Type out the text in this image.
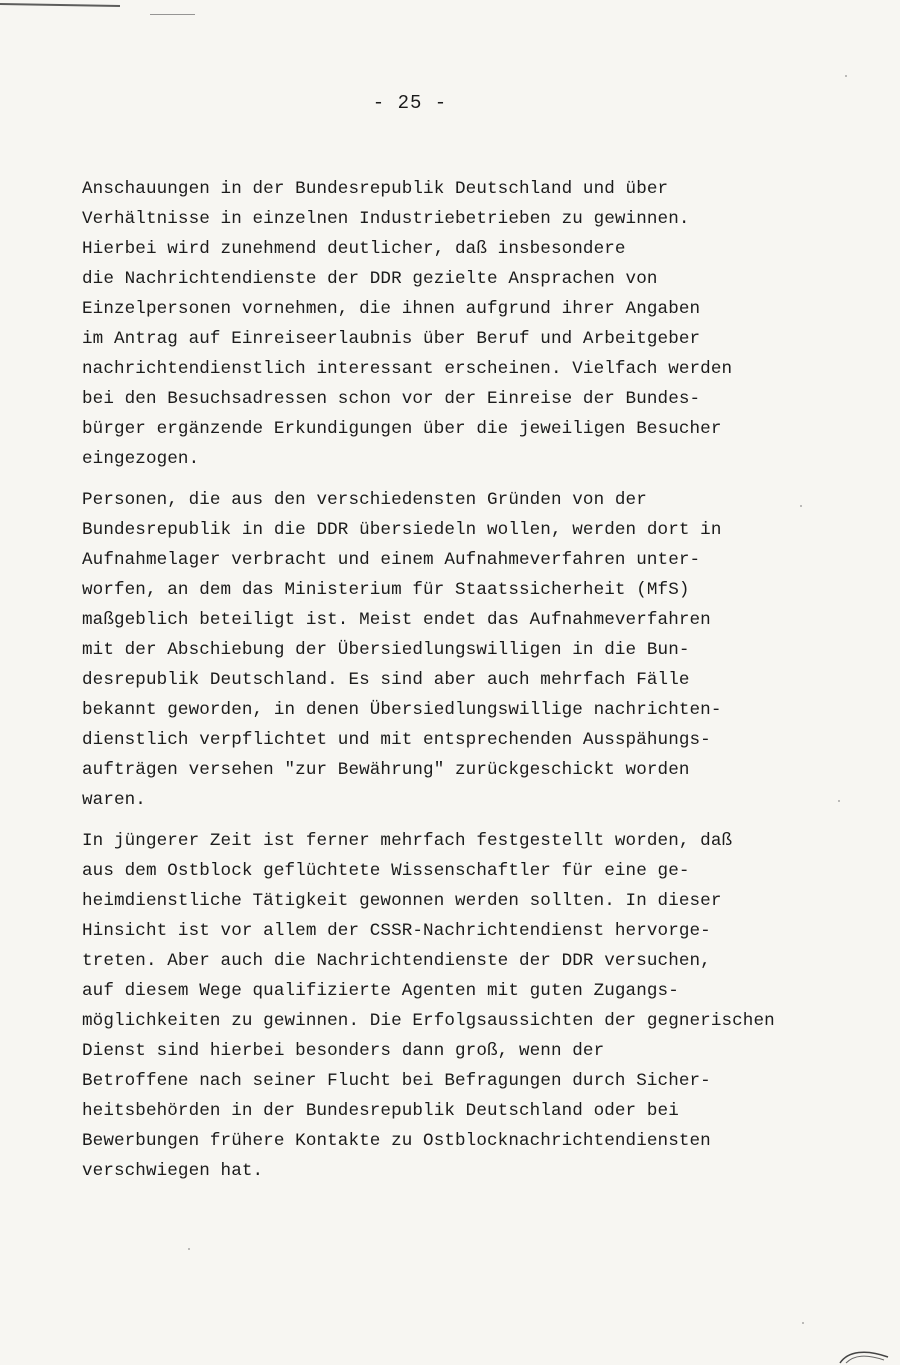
- 25 -
Anschauungen in der Bundesrepublik Deutschland und über
Verhältnisse in einzelnen Industriebetrieben zu gewinnen.
Hierbei wird zunehmend deutlicher, daß insbesondere
die Nachrichtendienste der DDR gezielte Ansprachen von
Einzelpersonen vornehmen, die ihnen aufgrund ihrer Angaben
im Antrag auf Einreiseerlaubnis über Beruf und Arbeitgeber
nachrichtendienstlich interessant erscheinen. Vielfach werden
bei den Besuchsadressen schon vor der Einreise der Bundes-
bürger ergänzende Erkundigungen über die jeweiligen Besucher
eingezogen.
Personen, die aus den verschiedensten Gründen von der
Bundesrepublik in die DDR übersiedeln wollen, werden dort in
Aufnahmelager verbracht und einem Aufnahmeverfahren unter-
worfen, an dem das Ministerium für Staatssicherheit (MfS)
maßgeblich beteiligt ist. Meist endet das Aufnahmeverfahren
mit der Abschiebung der Übersiedlungswilligen in die Bun-
desrepublik Deutschland. Es sind aber auch mehrfach Fälle
bekannt geworden, in denen Übersiedlungswillige nachrichten-
dienstlich verpflichtet und mit entsprechenden Ausspähungs-
aufträgen versehen "zur Bewährung" zurückgeschickt worden
waren.
In jüngerer Zeit ist ferner mehrfach festgestellt worden, daß
aus dem Ostblock geflüchtete Wissenschaftler für eine ge-
heimdienstliche Tätigkeit gewonnen werden sollten. In dieser
Hinsicht ist vor allem der CSSR-Nachrichtendienst hervorge-
treten. Aber auch die Nachrichtendienste der DDR versuchen,
auf diesem Wege qualifizierte Agenten mit guten Zugangs-
möglichkeiten zu gewinnen. Die Erfolgsaussichten der gegnerischen
Dienst sind hierbei besonders dann groß, wenn der
Betroffene nach seiner Flucht bei Befragungen durch Sicher-
heitsbehörden in der Bundesrepublik Deutschland oder bei
Bewerbungen frühere Kontakte zu Ostblocknachrichtendiensten
verschwiegen hat.
